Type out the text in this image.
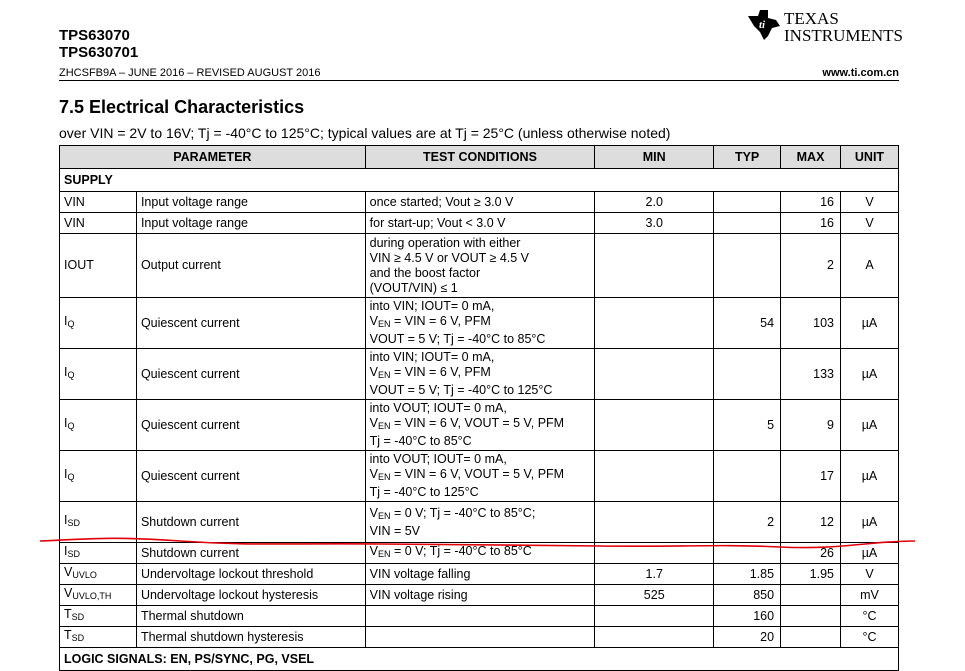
TPS63070
TPS630701
ZHCSFB9A – JUNE 2016 – REVISED AUGUST 2016	www.ti.com.cn
ti TEXAS
INSTRUMENTS
7.5 Electrical Characteristics
over VIN = 2V to 16V; Tj = -40°C to 125°C; typical values are at Tj = 25°C (unless otherwise noted)
PARAMETER		TEST CONDITIONS	MIN	TYP	MAX	UNIT
SUPPLY						
VIN	Input voltage range	once started; Vout ≥ 3.0 V	2.0		16	V
VIN	Input voltage range	for start-up; Vout < 3.0 V	3.0		16	V
IOUT	Output current	during operation with either
VIN ≥ 4.5 V or VOUT ≥ 4.5 V
and the boost factor
(VOUT/VIN) ≤ 1			2	A
$I_Q$	Quiescent current	into VIN; IOUT= 0 mA,
$V_{EN}$ = VIN = 6 V, PFM
VOUT = 5 V; Tj = -40°C to 85°C		54	103	µA
$I_Q$	Quiescent current	into VIN; IOUT= 0 mA,
$V_{EN}$ = VIN = 6 V, PFM
VOUT = 5 V; Tj = -40°C to 125°C			133	µA
$I_Q$	Quiescent current	into VOUT; IOUT= 0 mA,
$V_{EN}$ = VIN = 6 V, VOUT = 5 V, PFM
Tj = -40°C to 85°C		5	9	µA
$I_Q$	Quiescent current	into VOUT; IOUT= 0 mA,
$V_{EN}$ = VIN = 6 V, VOUT = 5 V, PFM
Tj = -40°C to 125°C			17	µA
$I_{SD}$	Shutdown current	$V_{EN} = 0$ V; Tj = -40°C to 85°C;
VIN = 5V		2	12	µA
$I_{SD}$	Shutdown current	$V_{EN} = 0$ V; Tj = -40°C to 85°C			26	µA
$V_{UVLO}$	Undervoltage lockout threshold	VIN voltage falling	1.7	1.85	1.95	V
$V_{UVLO,TH}$	Undervoltage lockout hysteresis	VIN voltage rising	525	850		mV
$T_{SD}$	Thermal shutdown			160		°C
$T_{SD}$	Thermal shutdown hysteresis			20		°C
LOGIC SIGNALS: EN, PS/SYNC, PG, VSEL						
